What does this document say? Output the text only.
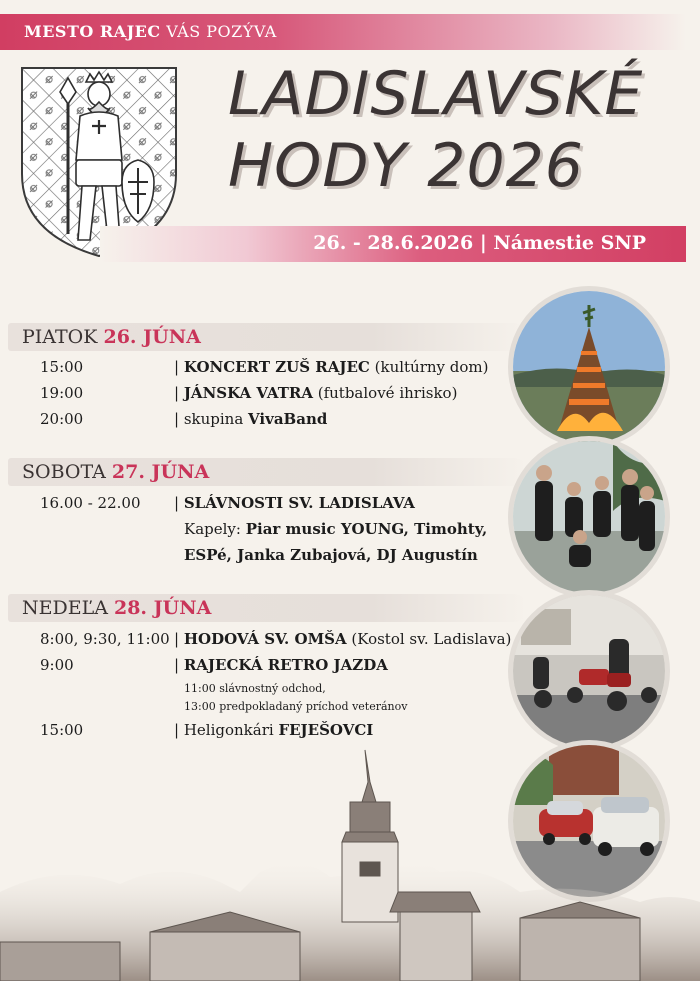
MESTO RAJEC VÁS POZÝVA
LADISLAVSKÉ
HODY 2026
26. - 28.6.2026 | Námestie SNP
PIATOK 26. JÚNA
15:00	| KONCERT ZUŠ RAJEC (kultúrny dom)
19:00	| JÁNSKA VATRA (futbalové ihrisko)
20:00	| skupina VivaBand
SOBOTA 27. JÚNA
16.00 - 22.00 | SLÁVNOSTI SV. LADISLAVA
Kapely: Piar music YOUNG, Timohty,
ESPé, Janka Zubajová, DJ Augustín
NEDEĽA 28. JÚNA
8:00, 9:30, 11:00 | HODOVÁ SV. OMŠA (Kostol sv. Ladislava)
9:00	| RAJECKÁ RETRO JAZDA
11:00 slávnostný odchod,
13:00 predpokladaný príchod veteránov
15:00	| Heligonkári FEJEŠOVCI
